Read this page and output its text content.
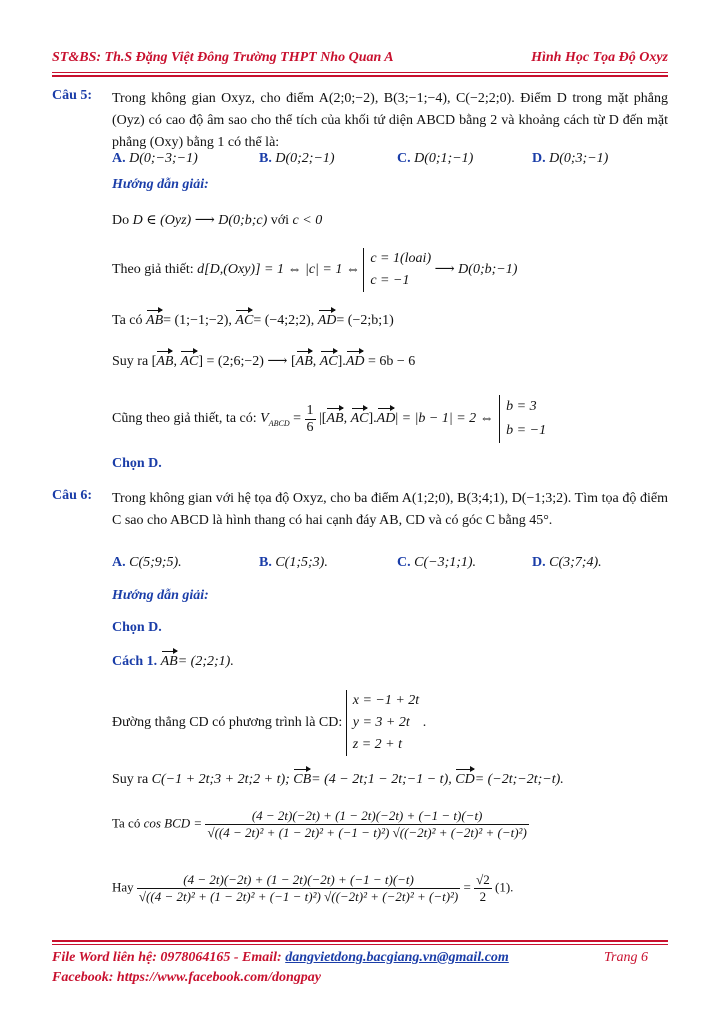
ST&BS: Th.S Đặng Việt Đông Trường THPT Nho Quan A	Hình Học Tọa Độ Oxyz
Câu 5:	Trong không gian Oxyz, cho điểm A(2;0;−2), B(3;−1;−4), C(−2;2;0). Điểm D trong mặt phẳng (Oyz) có cao độ âm sao cho thể tích của khối tứ diện ABCD bằng 2 và khoảng cách từ D đến mặt phẳng (Oxy) bằng 1 có thể là:
A. D(0;−3;−1)	B. D(0;2;−1)	C. D(0;1;−1)	D. D(0;3;−1)
Hướng dẫn giải:
Do D ∈ (Oyz) ⟶ D(0;b;c) với c < 0
Theo giả thiết: d[D,(Oxy)] = 1 ⇔ |c| = 1 ⇔
c = 1(loai)
c = −1
⟶ D(0;b;−1)
Ta có AB= (1;−1;−2), AC= (−4;2;2), AD= (−2;b;1)
Suy ra [AB, AC] = (2;6;−2) ⟶ [AB, AC].AD = 6b − 6
Cũng theo giả thiết, ta có: $V_{ABCD} = \frac{1}{6} |[AB$, AC].AD| = |b − 1| = 2 ⇔
b = 3
b = −1
Chọn D.
Câu 6:	Trong không gian với hệ tọa độ Oxyz, cho ba điểm A(1;2;0), B(3;4;1), D(−1;3;2). Tìm tọa độ điểm C sao cho ABCD là hình thang có hai cạnh đáy AB, CD và có góc C bằng 45°.
A. C(5;9;5).	B. C(1;5;3).	C. C(−3;1;1).	D. C(3;7;4).
Hướng dẫn giải:
Chọn D.
Cách 1. AB= (2;2;1).
Đường thẳng CD có phương trình là CD:
x = −1 + 2t
y = 3 + 2t
z = 2 + t
.
Suy ra C(−1 + 2t;3 + 2t;2 + t); CB= (4 − 2t;1 − 2t;−1 − t), CD= (−2t;−2t;−t).
Ta có cos BCD =	(4 − 2t)(−2t) + (1 − 2t)(−2t) + (−1 − t)(−t)
√((4 − 2t)² + (1 − 2t)² + (−1 − t)²) √((−2t)² + (−2t)² + (−t)²)
Hay	(4 − 2t)(−2t) + (1 − 2t)(−2t) + (−1 − t)(−t)
√((4 − 2t)² + (1 − 2t)² + (−1 − t)²) √((−2t)² + (−2t)² + (−t)²)
= $\frac{√2}{2} (1)$.
File Word liên hệ: 0978064165 - Email: dangvietdong.bacgiang.vn@gmail.com	Trang 6
Facebook: https://www.facebook.com/dongpay
